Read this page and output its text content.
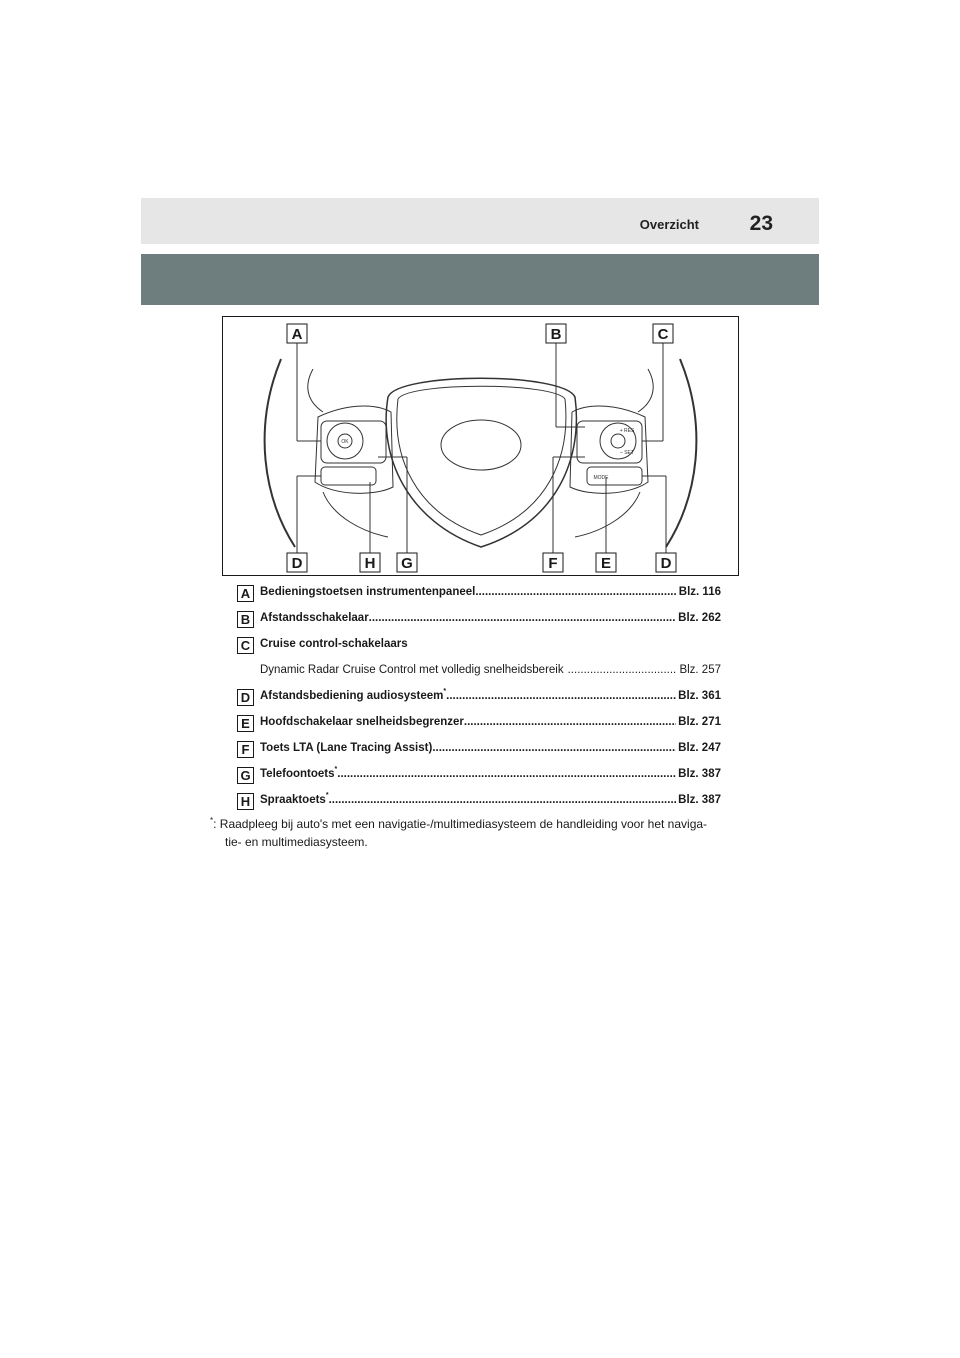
Overzicht 23
OK
+ RES
– SET
MODE
A	B	C
D	H G	F	E	D
A Bedieningstoetsen instrumentenpaneel .....	Blz. 116
B Afstandsschakelaar .....	Blz. 262
C Cruise control-schakelaars
Dynamic Radar Cruise Control met volledig snelheidsbereik .....	Blz. 257
D Afstandsbediening audiosysteem* .....	Blz. 361
E Hoofdschakelaar snelheidsbegrenzer .....	Blz. 271
F Toets LTA (Lane Tracing Assist) .....	Blz. 247
G Telefoontoets* .....	Blz. 387
H Spraaktoets* .....	Blz. 387
*: Raadpleeg bij auto's met een navigatie-/multimediasysteem de handleiding voor het naviga-
tie- en multimediasysteem.
